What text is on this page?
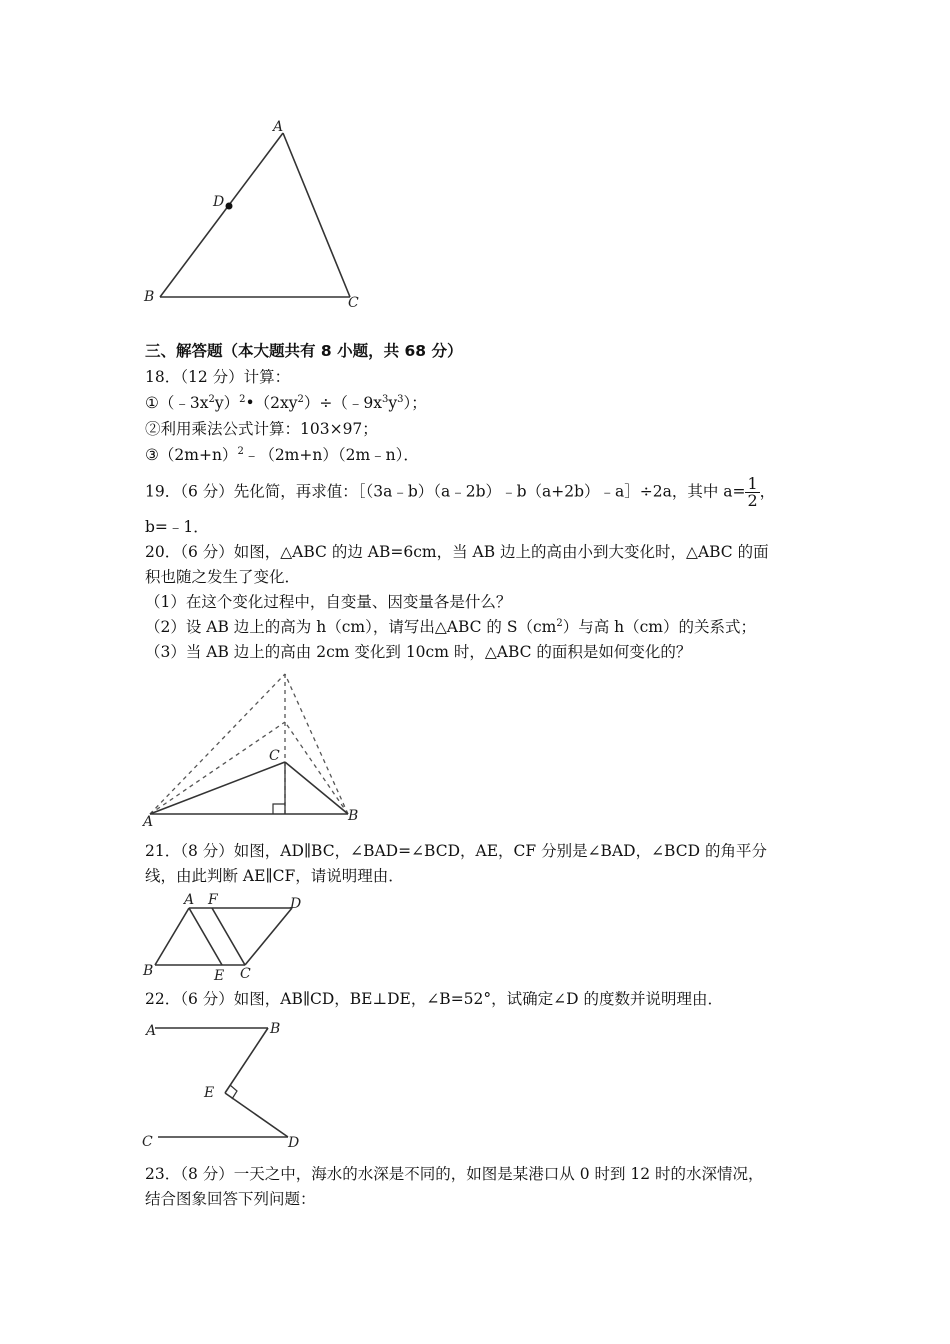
A
D
B	C
三、解答题（本大题共有 8 小题，共 68 分）
18．（12 分）计算：
$①(﹣3x^2y)^2•(2xy^2)\div(﹣9x^3y^3)$；
②利用乘法公式计算：103×97；
$③(2m+n)^2﹣(2m+n)(2m﹣n)$．
19．（6 分）先化简，再求值：［（3a﹣b）（a﹣2b）﹣b（a+2b）﹣a］÷2a，其中 $a= \frac{1}{2}$ ，
b=﹣1．
20．（6 分）如图，△ABC 的边 AB=6cm，当 AB 边上的高由小到大变化时，△ABC 的面
积也随之发生了变化．
（1）在这个变化过程中，自变量、因变量各是什么？
（2）设 AB 边上的高为 h（cm），请写出△ABC 的 $S(cm^2)$与高 h（cm）的关系式；
（3）当 AB 边上的高由 2cm 变化到 10cm 时，△ABC 的面积是如何变化的？
A	B
C
21．（8 分）如图，AD∥BC，∠BAD=∠BCD，AE，CF 分别是∠BAD，∠BCD 的角平分
线，由此判断 AE∥CF，请说明理由．
A F	D
B	E C
22．（6 分）如图，AB∥CD，BE⊥DE，∠B=52°，试确定∠D 的度数并说明理由．
A	B
E
C	D
23．（8 分）一天之中，海水的水深是不同的，如图是某港口从 0 时到 12 时的水深情况，
结合图象回答下列问题：
